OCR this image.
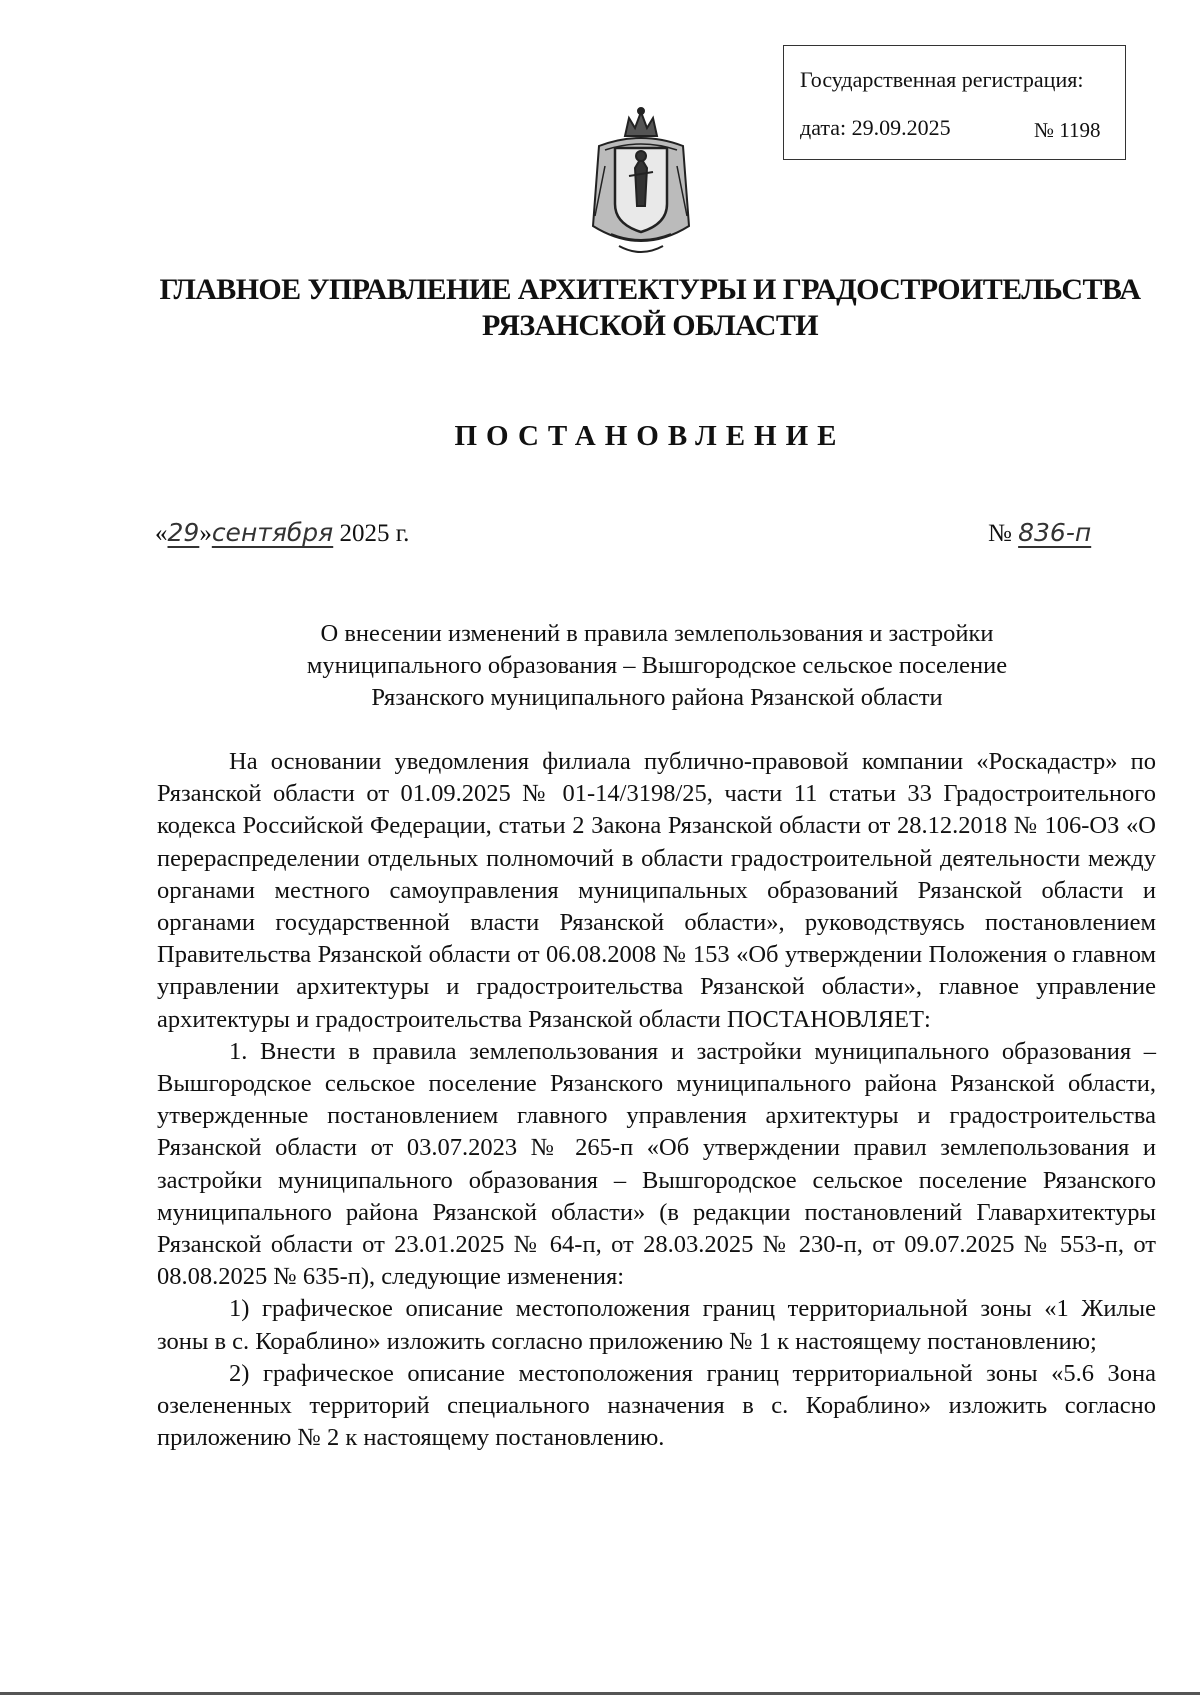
Государственная регистрация:
дата: 29.09.2025	№ 1198
ГЛАВНОЕ УПРАВЛЕНИЕ АРХИТЕКТУРЫ И ГРАДОСТРОИТЕЛЬСТВА
РЯЗАНСКОЙ ОБЛАСТИ
ПОСТАНОВЛЕНИЕ
«29»сентября 2025 г.	№ 836-п
О внесении изменений в правила землепользования и застройки
муниципального образования – Вышгородское сельское поселение
Рязанского муниципального района Рязанской области

На основании уведомления филиала публично-правовой компании «Роскадастр» по Рязанской области от 01.09.2025 № 01-14/3198/25, части 11 статьи 33 Градостроительного кодекса Российской Федерации, статьи 2 Закона Рязанской области от 28.12.2018 № 106-ОЗ «О перераспределении отдельных полномочий в области градостроительной деятельности между органами местного самоуправления муниципальных образований Рязанской области и органами государственной власти Рязанской области», руководствуясь постановлением Правительства Рязанской области от 06.08.2008 № 153 «Об утверждении Положения о главном управлении архитектуры и градостроительства Рязанской области», главное управление архитектуры и градостроительства Рязанской области ПОСТАНОВЛЯЕТ:

1. Внести в правила землепользования и застройки муниципального образования – Вышгородское сельское поселение Рязанского муниципального района Рязанской области, утвержденные постановлением главного управления архитектуры и градостроительства Рязанской области от 03.07.2023 № 265-п «Об утверждении правил землепользования и застройки муниципального образования – Вышгородское сельское поселение Рязанского муниципального района Рязанской области» (в редакции постановлений Главархитектуры Рязанской области от 23.01.2025 № 64-п, от 28.03.2025 № 230-п, от 09.07.2025 № 553-п, от 08.08.2025 № 635-п), следующие изменения:

1) графическое описание местоположения границ территориальной зоны «1 Жилые зоны в с. Кораблино» изложить согласно приложению № 1 к настоящему постановлению;

2) графическое описание местоположения границ территориальной зоны «5.6 Зона озелененных территорий специального назначения в с. Кораблино» изложить согласно приложению № 2 к настоящему постановлению.
